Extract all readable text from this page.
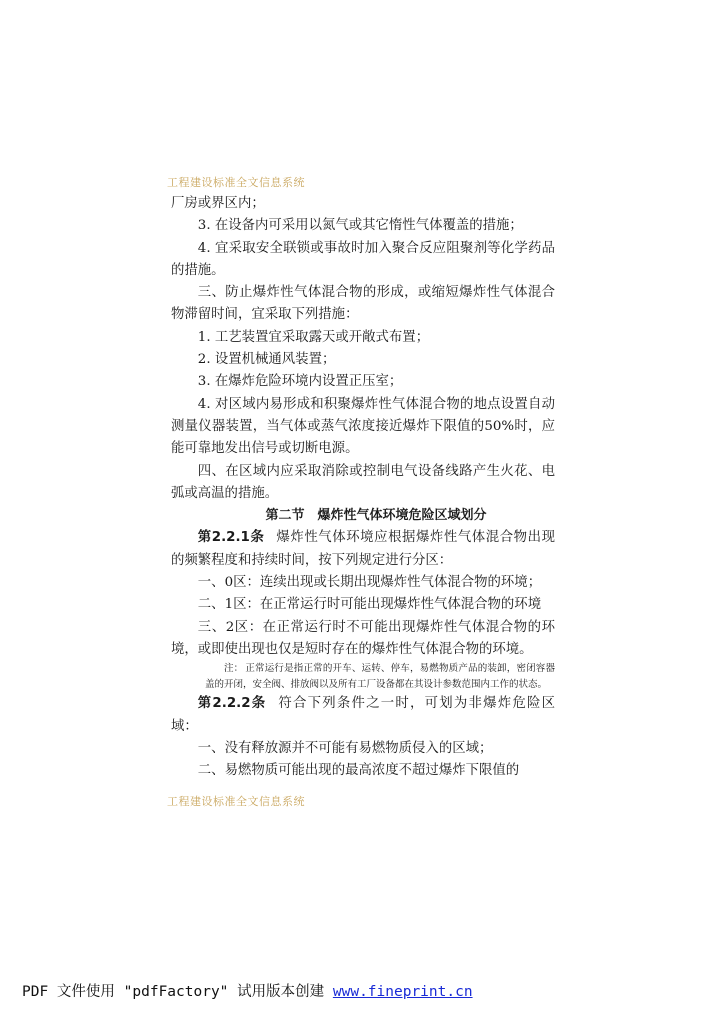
工程建设标准全文信息系统

厂房或界区内；

3. 在设备内可采用以氮气或其它惰性气体覆盖的措施；

4. 宜采取安全联锁或事故时加入聚合反应阻聚剂等化学药品的措施。

三、防止爆炸性气体混合物的形成，或缩短爆炸性气体混合物滞留时间，宜采取下列措施：

1. 工艺装置宜采取露天或开敞式布置；

2. 设置机械通风装置；

3. 在爆炸危险环境内设置正压室；

4. 对区域内易形成和积聚爆炸性气体混合物的地点设置自动测量仪器装置，当气体或蒸气浓度接近爆炸下限值的50%时，应能可靠地发出信号或切断电源。

四、在区域内应采取消除或控制电气设备线路产生火花、电弧或高温的措施。

第二节　爆炸性气体环境危险区域划分

第2.2.1条 爆炸性气体环境应根据爆炸性气体混合物出现的频繁程度和持续时间，按下列规定进行分区：

一、0区：连续出现或长期出现爆炸性气体混合物的环境；

二、1区：在正常运行时可能出现爆炸性气体混合物的环境

三、2区：在正常运行时不可能出现爆炸性气体混合物的环境，或即使出现也仅是短时存在的爆炸性气体混合物的环境。

注： 正常运行是指正常的开车、运转、停车，易燃物质产品的装卸，密闭容器盖的开闭，安全阀、排放阀以及所有工厂设备都在其设计参数范围内工作的状态。

第2.2.2条 符合下列条件之一时，可划为非爆炸危险区域：

一、没有释放源并不可能有易燃物质侵入的区域；

二、易燃物质可能出现的最高浓度不超过爆炸下限值的

工程建设标准全文信息系统
PDF 文件使用 "pdfFactory" 试用版本创建 www.fineprint.cn
